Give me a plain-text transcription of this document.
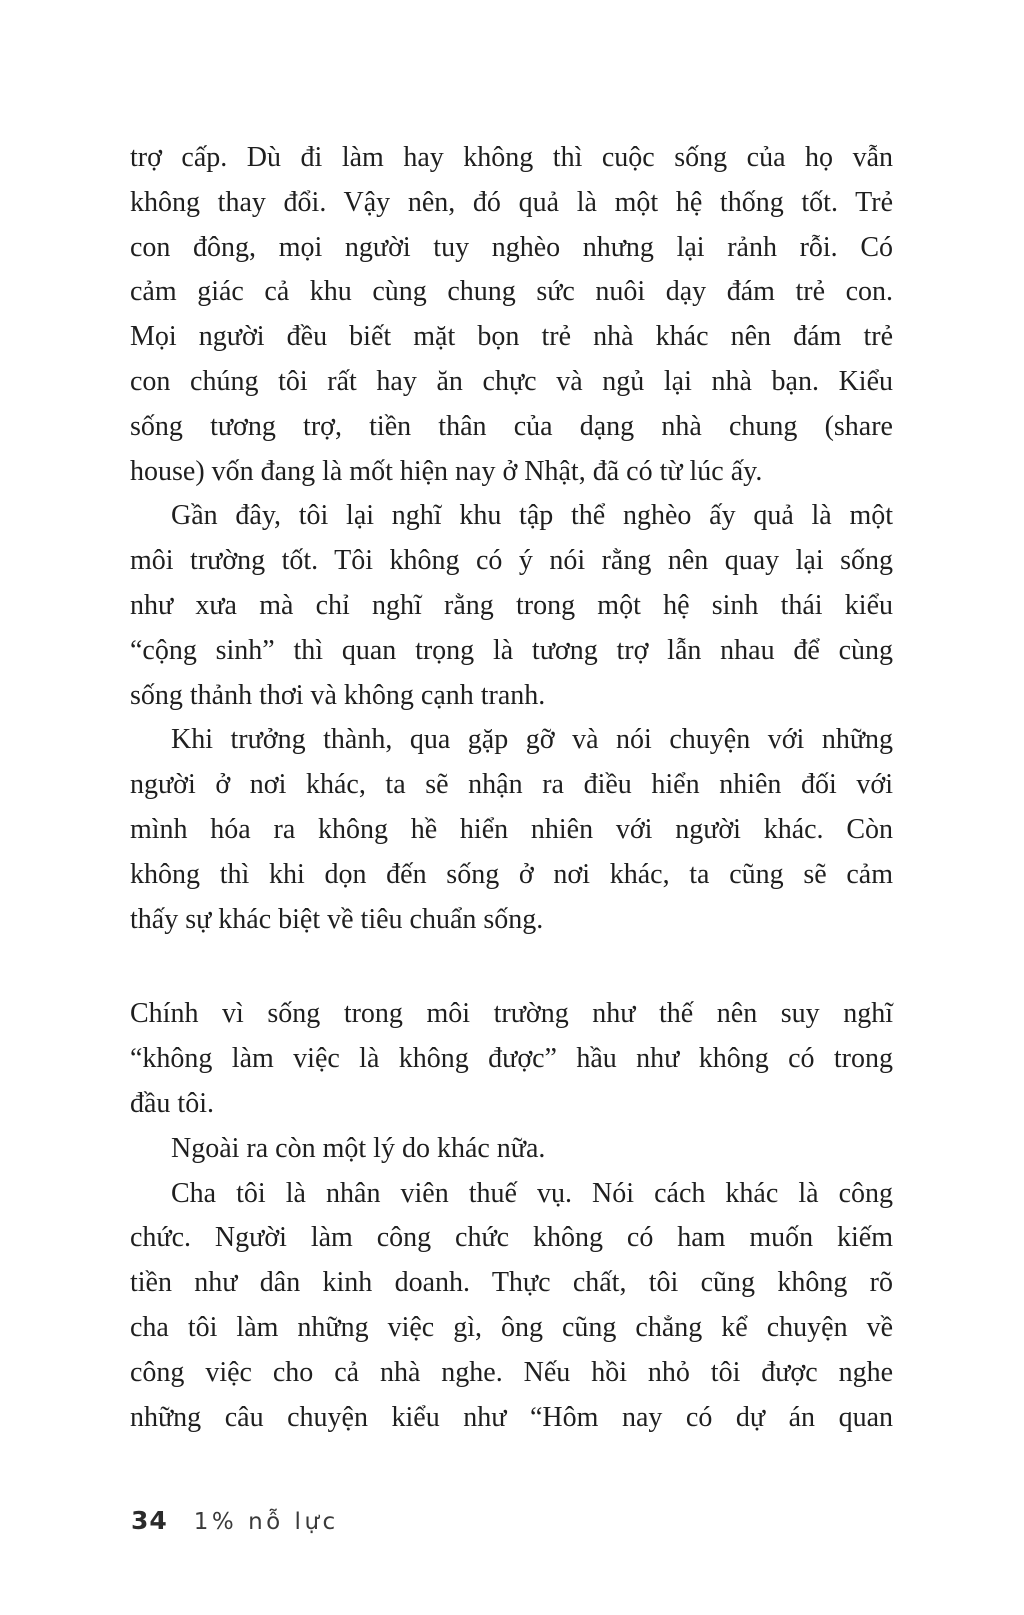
trợ cấp. Dù đi làm hay không thì cuộc sống của họ vẫn
không thay đổi. Vậy nên, đó quả là một hệ thống tốt. Trẻ
con đông, mọi người tuy nghèo nhưng lại rảnh rỗi. Có
cảm giác cả khu cùng chung sức nuôi dạy đám trẻ con.
Mọi người đều biết mặt bọn trẻ nhà khác nên đám trẻ
con chúng tôi rất hay ăn chực và ngủ lại nhà bạn. Kiểu
sống tương trợ, tiền thân của dạng nhà chung (share
house) vốn đang là mốt hiện nay ở Nhật, đã có từ lúc ấy.
Gần đây, tôi lại nghĩ khu tập thể nghèo ấy quả là một
môi trường tốt. Tôi không có ý nói rằng nên quay lại sống
như xưa mà chỉ nghĩ rằng trong một hệ sinh thái kiểu
“cộng sinh” thì quan trọng là tương trợ lẫn nhau để cùng
sống thảnh thơi và không cạnh tranh.
Khi trưởng thành, qua gặp gỡ và nói chuyện với những
người ở nơi khác, ta sẽ nhận ra điều hiển nhiên đối với
mình hóa ra không hề hiển nhiên với người khác. Còn
không thì khi dọn đến sống ở nơi khác, ta cũng sẽ cảm
thấy sự khác biệt về tiêu chuẩn sống.
Chính vì sống trong môi trường như thế nên suy nghĩ
“không làm việc là không được” hầu như không có trong
đầu tôi.
Ngoài ra còn một lý do khác nữa.
Cha tôi là nhân viên thuế vụ. Nói cách khác là công
chức. Người làm công chức không có ham muốn kiếm
tiền như dân kinh doanh. Thực chất, tôi cũng không rõ
cha tôi làm những việc gì, ông cũng chẳng kể chuyện về
công việc cho cả nhà nghe. Nếu hồi nhỏ tôi được nghe
những câu chuyện kiểu như “Hôm nay có dự án quan
34 1% nỗ lực
